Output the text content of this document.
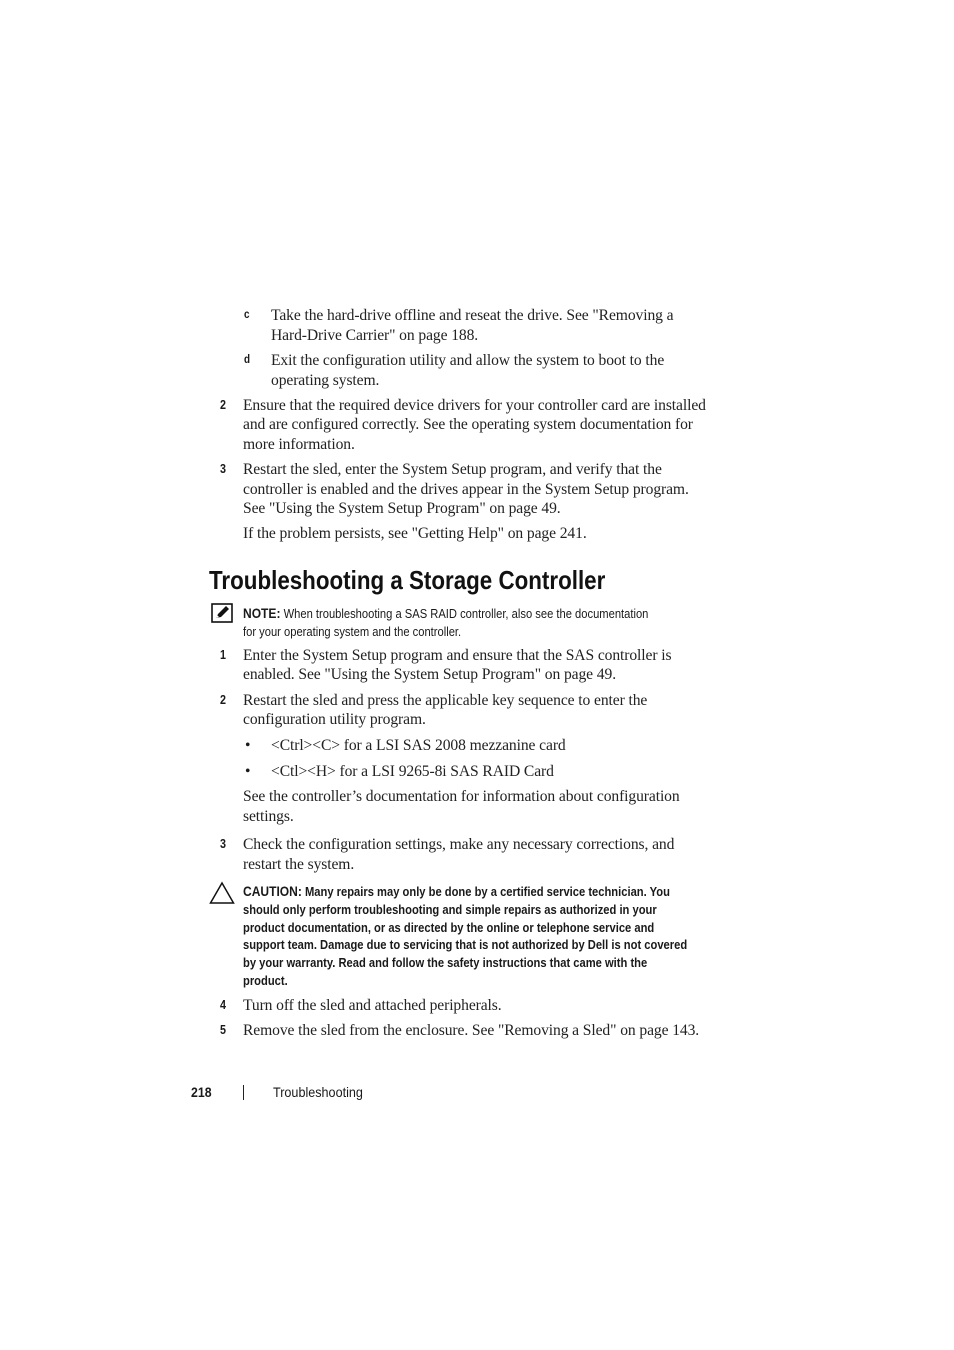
c Take the hard-drive offline and reseat the drive. See "Removing a
Hard-Drive Carrier" on page 188.
d Exit the configuration utility and allow the system to boot to the
operating system.
2 Ensure that the required device drivers for your controller card are installed
and are configured correctly. See the operating system documentation for
more information.
3 Restart the sled, enter the System Setup program, and verify that the
controller is enabled and the drives appear in the System Setup program.
See "Using the System Setup Program" on page 49.
If the problem persists, see "Getting Help" on page 241.
Troubleshooting a Storage Controller
NOTE: When troubleshooting a SAS RAID controller, also see the documentation
for your operating system and the controller.
1 Enter the System Setup program and ensure that the SAS controller is
enabled. See "Using the System Setup Program" on page 49.
2 Restart the sled and press the applicable key sequence to enter the
configuration utility program.
• <Ctrl><C> for a LSI SAS 2008 mezzanine card
• <Ctl><H> for a LSI 9265-8i SAS RAID Card
See the controller’s documentation for information about configuration
settings.
3 Check the configuration settings, make any necessary corrections, and
restart the system.
CAUTION: Many repairs may only be done by a certified service technician. You
should only perform troubleshooting and simple repairs as authorized in your
product documentation, or as directed by the online or telephone service and
support team. Damage due to servicing that is not authorized by Dell is not covered
by your warranty. Read and follow the safety instructions that came with the
product.
4 Turn off the sled and attached peripherals.
5 Remove the sled from the enclosure. See "Removing a Sled" on page 143.
218	Troubleshooting
